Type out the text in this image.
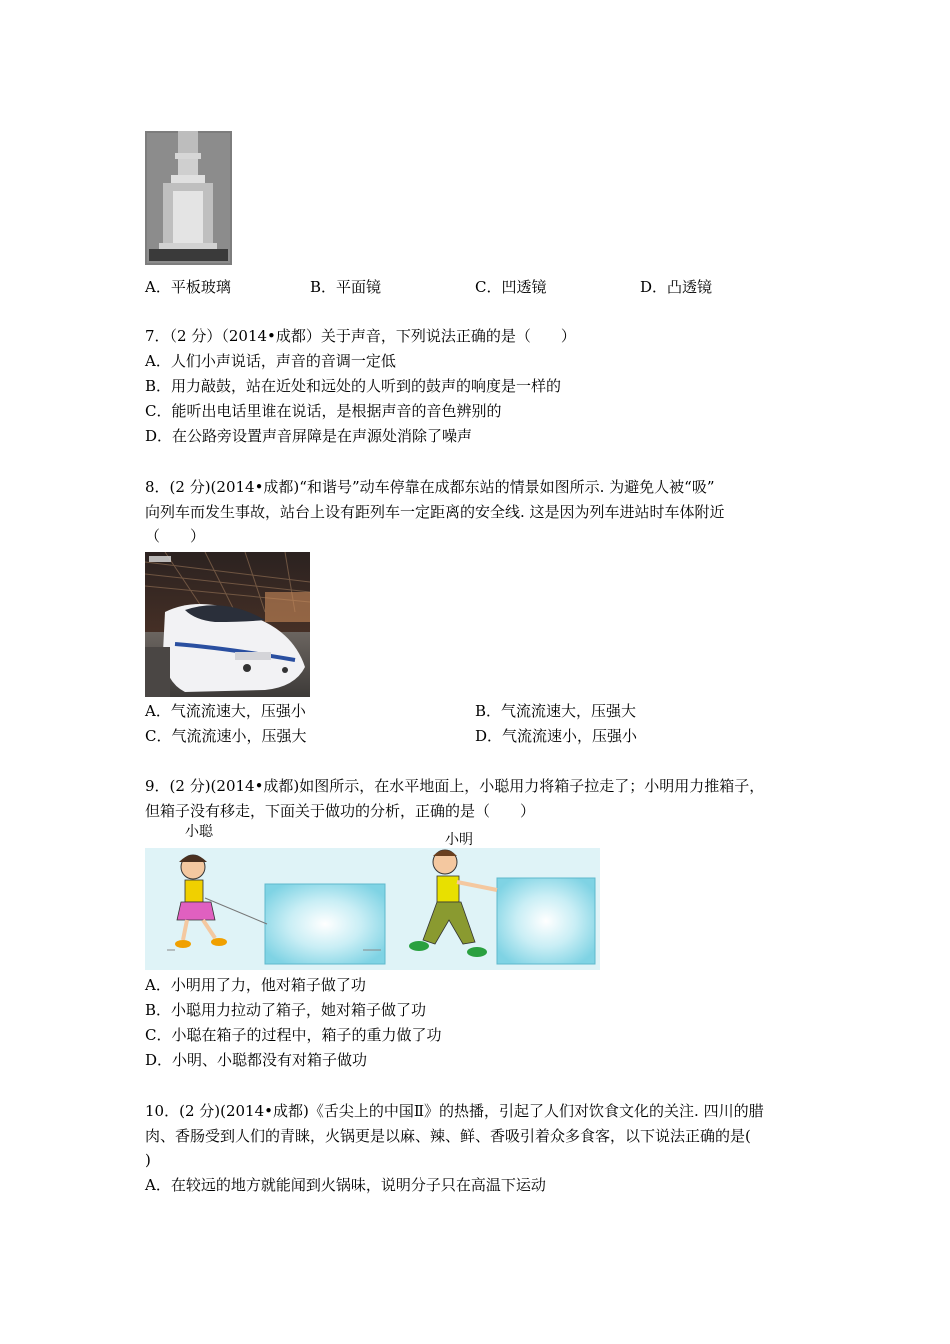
A．平板玻璃	B．平面镜	C．凹透镜	D．凸透镜
7．（2 分）（2014•成都）关于声音，下列说法正确的是（　　）
A．人们小声说话，声音的音调一定低
B．用力敲鼓，站在近处和远处的人听到的鼓声的响度是一样的
C．能听出电话里谁在说话，是根据声音的音色辨别的
D．在公路旁设置声音屏障是在声源处消除了噪声
8．(2 分)(2014•成都)“和谐号”动车停靠在成都东站的情景如图所示. 为避免人被“吸”
向列车而发生事故，站台上设有距列车一定距离的安全线. 这是因为列车进站时车体附近
（　　）
A．气流流速大，压强小	B．气流流速大，压强大
C．气流流速小，压强大	D．气流流速小，压强小
9．(2 分)(2014•成都)如图所示，在水平地面上，小聪用力将箱子拉走了；小明用力推箱子，
但箱子没有移走，下面关于做功的分析，正确的是（　　）
小聪	小明
A．小明用了力，他对箱子做了功
B．小聪用力拉动了箱子，她对箱子做了功
C．小聪在箱子的过程中，箱子的重力做了功
D．小明、小聪都没有对箱子做功
10．(2 分)(2014•成都)《舌尖上的中国Ⅱ》的热播，引起了人们对饮食文化的关注. 四川的腊
肉、香肠受到人们的青睐，火锅更是以麻、辣、鲜、香吸引着众多食客，以下说法正确的是(
)
A．在较远的地方就能闻到火锅味，说明分子只在高温下运动
